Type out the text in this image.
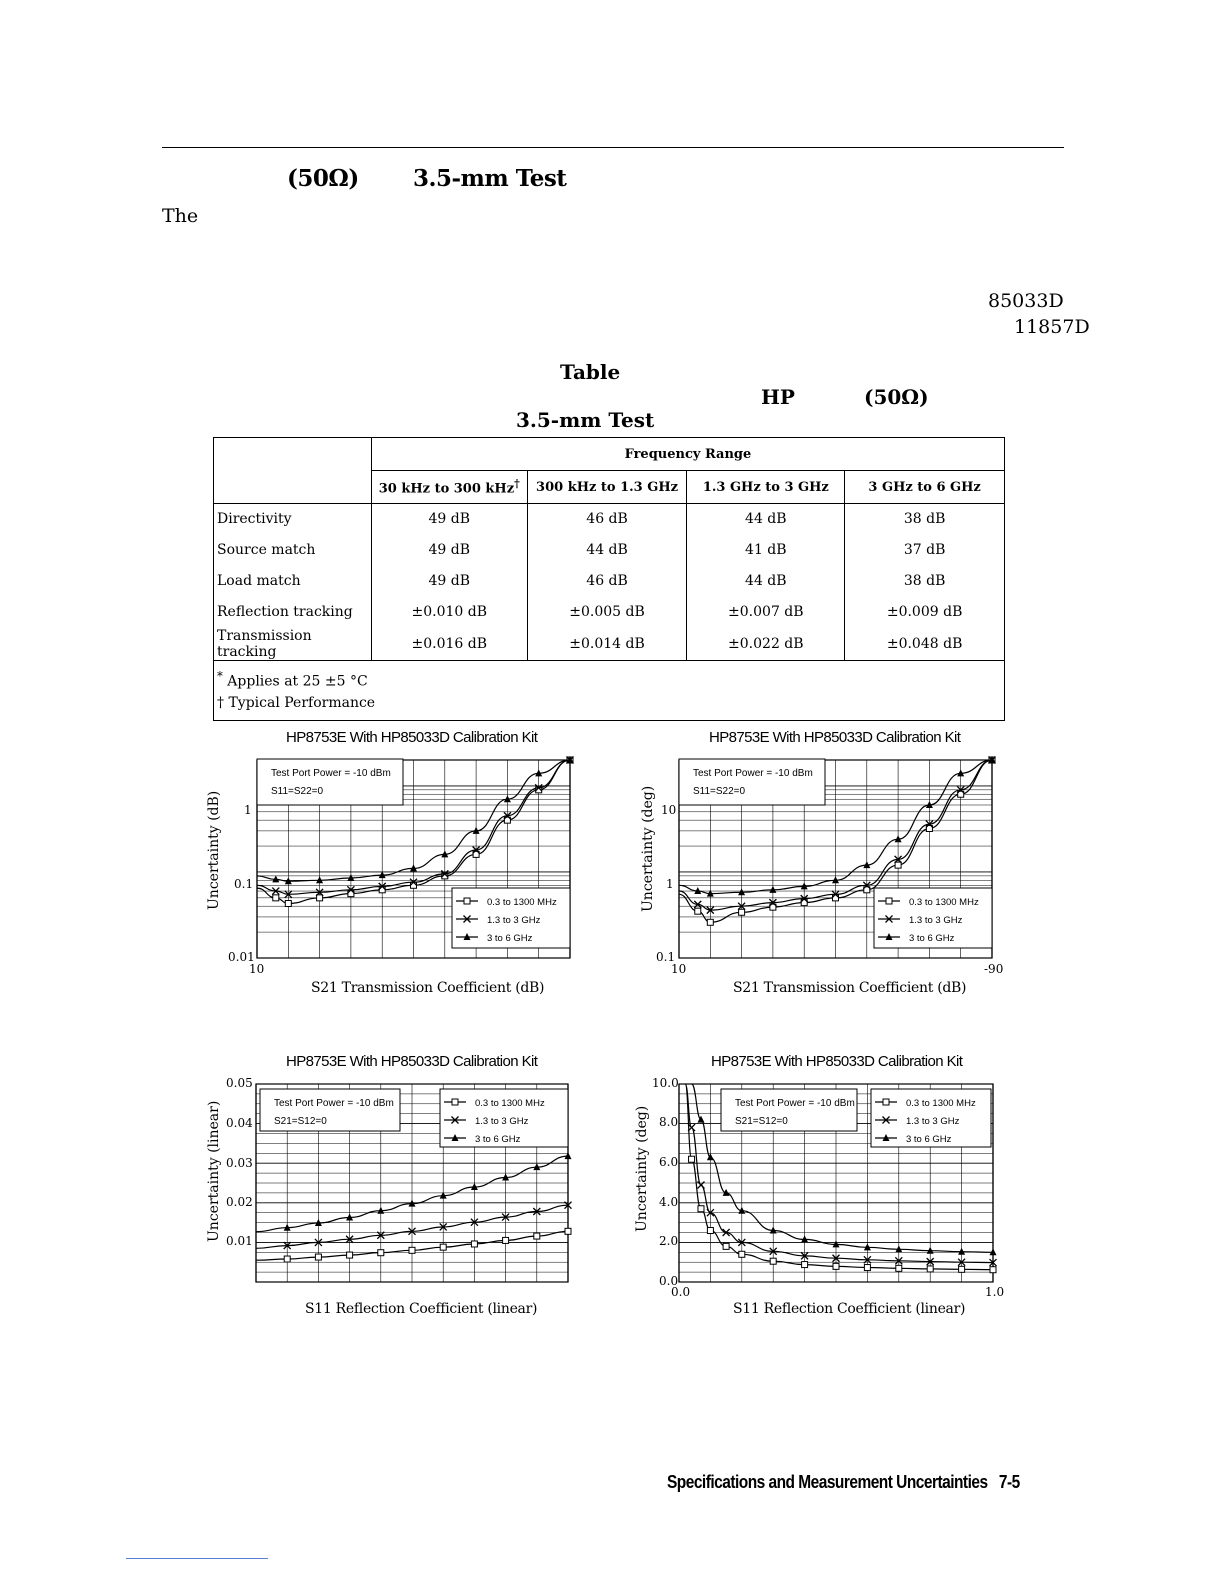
(50Ω) 3.5-mm Test
The
85033D
11857D
Table
HP	(50Ω)
3.5-mm Test
	Frequency Range			
	30 kHz to 300 kHz†	300 kHz to 1.3 GHz	1.3 GHz to 3 GHz	3 GHz to 6 GHz
Directivity	49 dB	46 dB	44 dB	38 dB
Source match	49 dB	44 dB	41 dB	37 dB
Load match	49 dB	46 dB	44 dB	38 dB
Reflection tracking	±0.010 dB	±0.005 dB	±0.007 dB	±0.009 dB
Transmission tracking	±0.016 dB	±0.014 dB	±0.022 dB	±0.048 dB

* Applies at 25 ±5 °C
† Typical Performance				
HP8753E With HP85033D Calibration Kit
Test Port Power = -10 dBm
S11=S22=0
0.3 to 1300 MHz
1.3 to 3 GHz
3 to 6 GHz
Uncertainty (dB) 1
0.1
0.01
10
S21 Transmission Coefficient (dB)
HP8753E With HP85033D Calibration Kit
Test Port Power = -10 dBm
S11=S22=0
0.3 to 1300 MHz
1.3 to 3 GHz
3 to 6 GHz
Uncertainty (deg) 10
1
0.1
10	-90
S21 Transmission Coefficient (dB)
HP8753E With HP85033D Calibration Kit
Test Port Power = -10 dBm
S21=S12=0
0.3 to 1300 MHz
1.3 to 3 GHz
3 to 6 GHz
Uncertainty (linear)
0.05
0.04
0.03
0.02
0.01
S11 Reflection Coefficient (linear)
HP8753E With HP85033D Calibration Kit
Test Port Power = -10 dBm
S21=S12=0
0.3 to 1300 MHz
1.3 to 3 GHz
3 to 6 GHz
Uncertainty (deg)
10.0
8.0
6.0
4.0
2.0
0.0
0.0	1.0
S11 Reflection Coefficient (linear)
Specifications and Measurement Uncertainties 7-5
